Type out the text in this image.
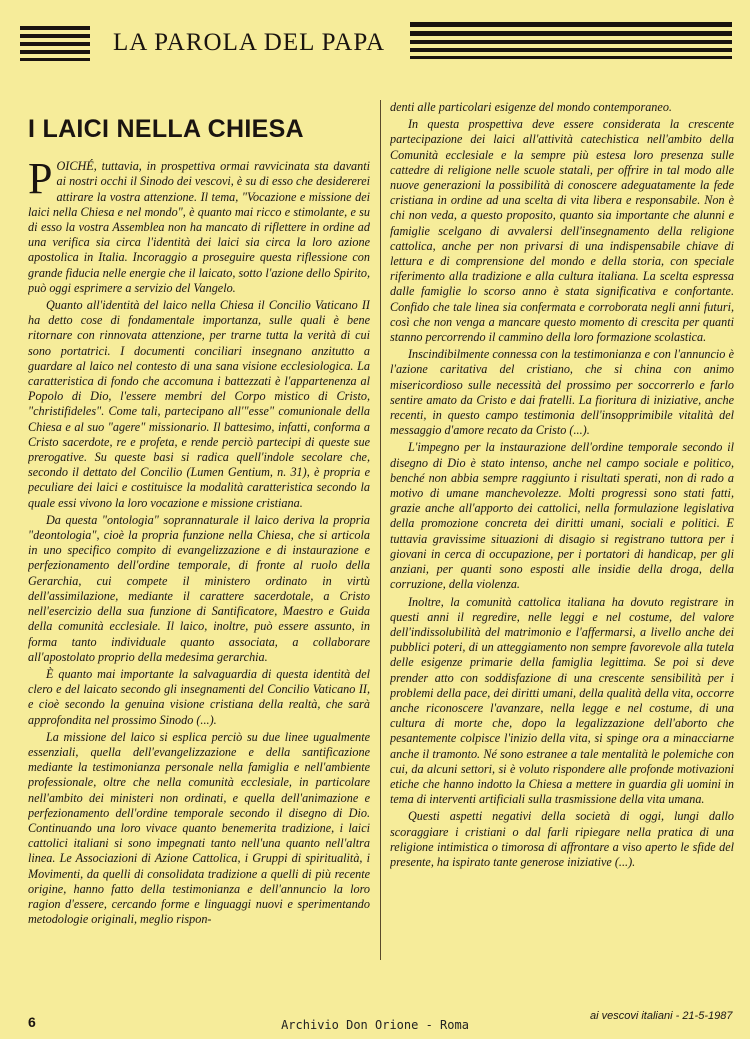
LA PAROLA DEL PAPA
I LAICI NELLA CHIESA

POICHÉ, tuttavia, in prospettiva ormai ravvicinata sta davanti ai nostri occhi il Sinodo dei vescovi, è su di esso che desidererei attirare la vostra attenzione. Il tema, "Vocazione e missione dei laici nella Chiesa e nel mondo", è quanto mai ricco e stimolante, e su di esso la vostra Assemblea non ha mancato di riflettere in ordine ad una verifica sia circa l'identità dei laici sia circa la loro azione apostolica in Italia. Incoraggio a proseguire questa riflessione con grande fiducia nelle energie che il laicato, sotto l'azione dello Spirito, può oggi esprimere a servizio del Vangelo.

Quanto all'identità del laico nella Chiesa il Concilio Vaticano II ha detto cose di fondamentale importanza, sulle quali è bene ritornare con rinnovata attenzione, per trarne tutta la verità di cui sono portatrici. I documenti conciliari insegnano anzitutto a guardare al laico nel contesto di una sana visione ecclesiologica. La caratteristica di fondo che accomuna i battezzati è l'appartenenza al Popolo di Dio, l'essere membri del Corpo mistico di Cristo, "christifideles". Come tali, partecipano all'"esse" comunionale della Chiesa e al suo "agere" missionario. Il battesimo, infatti, conforma a Cristo sacerdote, re e profeta, e rende perciò partecipi di queste sue prerogative. Su queste basi si radica quell'indole secolare che, secondo il dettato del Concilio (Lumen Gentium, n. 31), è propria e peculiare dei laici e costituisce la modalità caratteristica secondo la quale essi vivono la loro vocazione e missione cristiana.

Da questa "ontologia" soprannaturale il laico deriva la propria "deontologia", cioè la propria funzione nella Chiesa, che si articola in uno specifico compito di evangelizzazione e di instaurazione e perfezionamento dell'ordine temporale, di fronte al ruolo della Gerarchia, cui compete il ministero ordinato in virtù dell'assimilazione, mediante il carattere sacerdotale, a Cristo nell'esercizio della sua funzione di Santificatore, Maestro e Guida della comunità ecclesiale. Il laico, inoltre, può essere assunto, in forma tanto individuale quanto associata, a collaborare all'apostolato proprio della medesima gerarchia.

È quanto mai importante la salvaguardia di questa identità del clero e del laicato secondo gli insegnamenti del Concilio Vaticano II, e cioè secondo la genuina visione cristiana della realtà, che sarà approfondita nel prossimo Sinodo (...).

La missione del laico si esplica perciò su due linee ugualmente essenziali, quella dell'evangelizzazione e della santificazione mediante la testimonianza personale nella famiglia e nell'ambiente professionale, oltre che nella comunità ecclesiale, in particolare nell'ambito dei ministeri non ordinati, e quella dell'animazione e perfezionamento dell'ordine temporale secondo il disegno di Dio. Continuando una loro vivace quanto benemerita tradizione, i laici cattolici italiani si sono impegnati tanto nell'una quanto nell'altra linea. Le Associazioni di Azione Cattolica, i Gruppi di spiritualità, i Movimenti, da quelli di consolidata tradizione a quelli di più recente origine, hanno fatto della testimonianza e dell'annuncio la loro ragion d'essere, cercando forme e linguaggi nuovi e sperimentando metodologie originali, meglio rispon-

denti alle particolari esigenze del mondo contemporaneo.

In questa prospettiva deve essere considerata la crescente partecipazione dei laici all'attività catechistica nell'ambito della Comunità ecclesiale e la sempre più estesa loro presenza sulle cattedre di religione nelle scuole statali, per offrire in tal modo alle nuove generazioni la possibilità di conoscere adeguatamente la fede cristiana in ordine ad una scelta di vita libera e responsabile. Non è chi non veda, a questo proposito, quanto sia importante che alunni e famiglie scelgano di avvalersi dell'insegnamento della religione cattolica, anche per non privarsi di una indispensabile chiave di lettura e di comprensione del mondo e della storia, con speciale riferimento alla tradizione e alla cultura italiana. La scelta espressa dalle famiglie lo scorso anno è stata significativa e confortante. Confido che tale linea sia confermata e corroborata negli anni futuri, così che non venga a mancare questo momento di crescita per quanti stanno percorrendo il cammino della loro formazione scolastica.

Inscindibilmente connessa con la testimonianza e con l'annuncio è l'azione caritativa del cristiano, che si china con animo misericordioso sulle necessità del prossimo per soccorrerlo e farlo sentire amato da Cristo e dai fratelli. La fioritura di iniziative, anche recenti, in questo campo testimonia dell'insopprimibile vitalità del messaggio d'amore recato da Cristo (...).

L'impegno per la instaurazione dell'ordine temporale secondo il disegno di Dio è stato intenso, anche nel campo sociale e politico, benché non abbia sempre raggiunto i risultati sperati, non di rado a motivo di umane manchevolezze. Molti progressi sono stati fatti, grazie anche all'apporto dei cattolici, nella formulazione legislativa della promozione concreta dei diritti umani, sociali e politici. E tuttavia gravissime situazioni di disagio si registrano tuttora per i giovani in cerca di occupazione, per i portatori di handicap, per gli anziani, per quanti sono esposti alle insidie della droga, della corruzione, della violenza.

Inoltre, la comunità cattolica italiana ha dovuto registrare in questi anni il regredire, nelle leggi e nel costume, del valore dell'indissolubilità del matrimonio e l'affermarsi, a livello anche dei pubblici poteri, di un atteggiamento non sempre favorevole alla tutela delle esigenze primarie della famiglia legittima. Se poi si deve prender atto con soddisfazione di una crescente sensibilità per i problemi della pace, dei diritti umani, della qualità della vita, occorre anche riconoscere l'avanzare, nella legge e nel costume, di una cultura di morte che, dopo la legalizzazione dell'aborto che pesantemente colpisce l'inizio della vita, si spinge ora a minacciarne anche il tramonto. Né sono estranee a tale mentalità le polemiche con cui, da alcuni settori, si è voluto rispondere alle profonde motivazioni etiche che hanno indotto la Chiesa a mettere in guardia gli uomini in tema di interventi artificiali sulla trasmissione della vita umana.

Questi aspetti negativi della società di oggi, lungi dallo scoraggiare i cristiani o dal farli ripiegare nella pratica di una religione intimistica o timorosa di affrontare a viso aperto le sfide del presente, ha ispirato tante generose iniziative (...).

ai vescovi italiani - 21-5-1987
6	Archivio Don Orione - Roma
